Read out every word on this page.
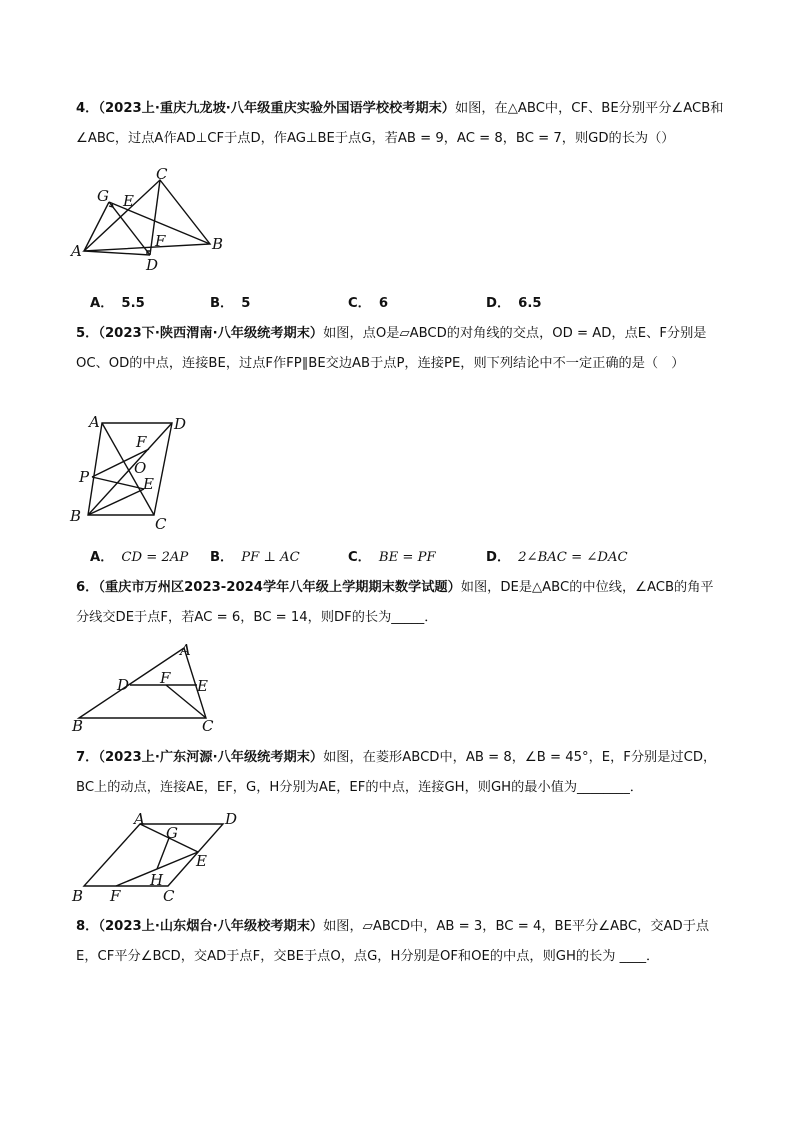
4．（2023上·重庆九龙坡·八年级重庆实验外国语学校校考期末）如图，在△ABC中，CF、BE分别平分∠ACB和∠ABC，过点A作AD⊥CF于点D，作AG⊥BE于点G，若AB = 9，AC = 8，BC = 7，则GD的长为（）
C
G E
A
F	B
D
A． 5.5	B． 5	C． 6	D． 6.5
5．（2023下·陕西渭南·八年级统考期末）如图，点O是▱ABCD的对角线的交点，OD = AD，点E、F分别是OC、OD的中点，连接BE，过点F作FP∥BE交边AB于点P，连接PE，则下列结论中不一定正确的是（　）
A	D
F
O
P	E
B	C
A． CD = 2AP B． PF ⊥ AC	C． BE = PF	D． 2∠BAC = ∠DAC
6．（重庆市万州区2023-2024学年八年级上学期期末数学试题）如图，DE是△ABC的中位线，∠ACB的角平分线交DE于点F，若AC = 6，BC = 14，则DF的长为_____．
A
D F E
B	C
7．（2023上·广东河源·八年级统考期末）如图，在菱形ABCD中，AB = 8，∠B = 45°，E，F分别是过CD，BC上的动点，连接AE，EF，G，H分别为AE，EF的中点，连接GH，则GH的最小值为________．
A	D
G
E
H
B F	C
8．（2023上·山东烟台·八年级校考期末）如图，▱ABCD中，AB = 3，BC = 4，BE平分∠ABC，交AD于点E，CF平分∠BCD，交AD于点F，交BE于点O，点G，H分别是OF和OE的中点，则GH的长为 ____．
